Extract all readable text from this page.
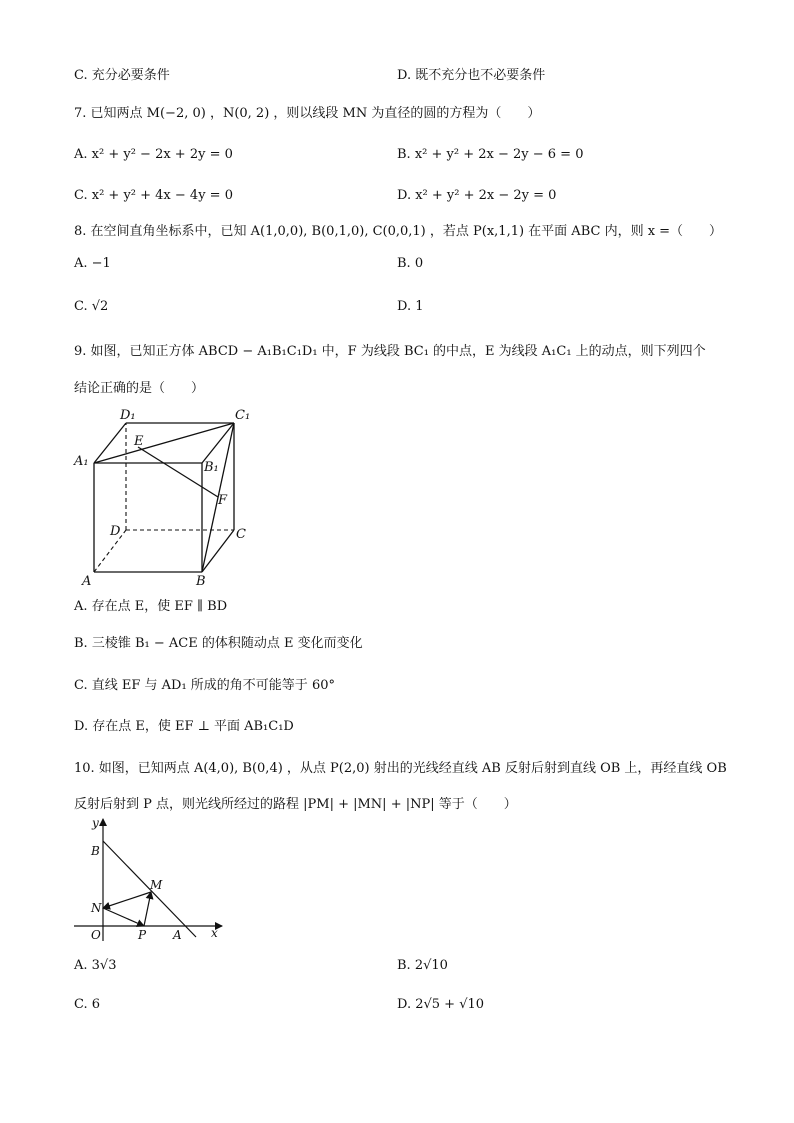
C. 充分必要条件	D. 既不充分也不必要条件
7. 已知两点 M(−2, 0) ，N(0, 2) ，则以线段 MN 为直径的圆的方程为（　　）
A. x² + y² − 2x + 2y = 0	B. x² + y² + 2x − 2y − 6 = 0
C. x² + y² + 4x − 4y = 0	D. x² + y² + 2x − 2y = 0
8. 在空间直角坐标系中，已知 A(1,0,0), B(0,1,0), C(0,0,1) ，若点 P(x,1,1) 在平面 ABC 内，则 x =（　　）
A. −1	B. 0
C. √2	D. 1
9. 如图，已知正方体 ABCD − A₁B₁C₁D₁ 中，F 为线段 BC₁ 的中点，E 为线段 A₁C₁ 上的动点，则下列四个
结论正确的是（　　）
D₁	C₁
A₁	B₁
E
F
D	C
A	B
A. 存在点 E，使 EF ∥ BD
B. 三棱锥 B₁ − ACE 的体积随动点 E 变化而变化
C. 直线 EF 与 AD₁ 所成的角不可能等于 60°
D. 存在点 E，使 EF ⊥ 平面 AB₁C₁D
10. 如图，已知两点 A(4,0), B(0,4) ，从点 P(2,0) 射出的光线经直线 AB 反射后射到直线 OB 上，再经直线 OB
反射后射到 P 点，则光线所经过的路程 |PM| + |MN| + |NP| 等于（　　）
y
x
B
M
N
O	P A
A. 3√3	B. 2√10
C. 6	D. 2√5 + √10
